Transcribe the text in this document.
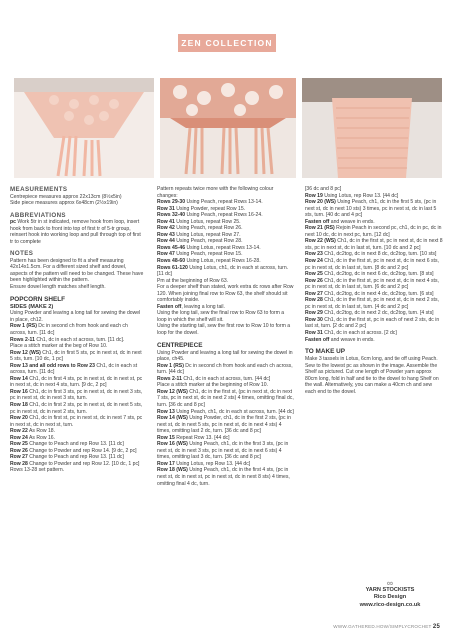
ZEN COLLECTION

MEASUREMENTS

Centrepiece measures approx 22x13cm (8½x5in)

Side piece measures approx 6x48cm (2½x19in)

ABBREVIATIONS

pc Work 5tr in st indicated, remove hook from loop, insert hook from back to front into top of first tr of 5-tr group, reinsert hook into working loop and pull through top of first tr to complete

NOTES

Pattern has been designed to fit a shelf measuring 42x14x1.5cm. For a different sized shelf and dowel, aspects of the pattern will need to be changed. These have been highlighted within the pattern.

Ensure dowel length matches shelf length.

POPCORN SHELF

SIDES (MAKE 2)

Using Powder and leaving a long tail for sewing the dowel in place, ch12.

Row 1 (RS) Dc in second ch from hook and each ch across, turn. [11 dc]

Rows 2-11 Ch1, dc in each st across, turn. [11 dc].

Place a stitch marker at the beg of Row 10.

Row 12 (WS) Ch1, dc in first 5 sts, pc in next st, dc in next 5 sts, turn. [10 dc, 1 pc]

Row 13 and all odd rows to Row 23 Ch1, dc in each st across, turn. [11 dc]

Row 14 Ch1, dc in first 4 sts, pc in next st, dc in next st, pc in next st, dc in next 4 sts, turn. [9 dc, 2 pc]

Row 16 Ch1, dc in first 3 sts, pc in next st, dc in next 3 sts, pc in next st, dc in next 3 sts, turn.

Row 18 Ch1, dc in first 2 sts, pc in next st, dc in next 5 sts, pc in next st, dc in next 2 sts, turn.

Row 20 Ch1, dc in first st, pc in next st, dc in next 7 sts, pc in next st, dc in next st, turn.

Row 22 As Row 18.

Row 24 As Row 16.

Row 25 Change to Peach and rep Row 13. [11 dc]

Row 26 Change to Powder and rep Row 14. [9 dc, 2 pc]

Row 27 Change to Peach and rep Row 13. [11 dc]

Row 28 Change to Powder and rep Row 12. [10 dc, 1 pc]

Rows 13-28 set pattern.

Pattern repeats twice more with the following colour changes:

Rows 29-30 Using Peach, repeat Rows 13-14.

Row 31 Using Powder, repeat Row 15.

Rows 32-40 Using Peach, repeat Rows 16-24.

Row 41 Using Lotus, repeat Row 25.

Row 42 Using Peach, repeat Row 26.

Row 43 Using Lotus, repeat Row 27.

Row 44 Using Peach, repeat Row 28.

Rows 45-46 Using Lotus, repeat Rows 13-14.

Row 47 Using Peach, repeat Row 15.

Rows 48-60 Using Lotus, repeat Rows 16-28.

Rows 61-120 Using Lotus, ch1, dc in each st across, turn. [11 dc]

Pm at the beginning of Row 63.

For a deeper shelf than stated, work extra dc rows after Row 120. When joining final row to Row 63, the shelf should sit comfortably inside.

Fasten off, leaving a long tail.

Using the long tail, sew the final row to Row 63 to form a loop in which the shelf will sit.

Using the starting tail, sew the first row to Row 10 to form a loop for the dowel.

CENTREPIECE

Using Powder and leaving a long tail for sewing the dowel in place, ch45.

Row 1 (RS) Dc in second ch from hook and each ch across, turn. [44 dc]

Rows 2-11 Ch1, dc in each st across, turn. [44 dc]

Place a stitch marker at the beginning of Row 10.

Row 12 (WS) Ch1, dc in the first st, (pc in next st, dc in next 7 sts, pc in next st, dc in next 2 sts) 4 times, omitting final dc, turn. [36 dc and 8 pc]

Row 13 Using Peach, ch1, dc in each st across, turn. [44 dc]

Row 14 (WS) Using Powder, ch1, dc in the first 2 sts, (pc in next st, dc in next 5 sts, pc in next st, dc in next 4 sts) 4 times, omitting last 2 dc, turn. [36 dc and 8 pc]

Row 15 Repeat Row 13. [44 dc]

Row 16 (WS) Using Peach, ch1, dc in the first 3 sts, (pc in next st, dc in next 3 sts, pc in next st, dc in next 6 sts) 4 times, omitting last 3 dc, turn. [36 dc and 8 pc]

Row 17 Using Lotus, rep Row 13. [44 dc]

Row 18 (WS) Using Peach, ch1, dc in the first 4 sts, (pc in next st, dc in next st, pc in next st, dc in next 8 sts) 4 times, omitting final 4 dc, turn.

[36 dc and 8 pc]

Row 19 Using Lotus, rep Row 13. [44 dc]

Row 20 (WS) Using Peach, ch1, dc in the first 5 sts, (pc in next st, dc in next 10 sts) 3 times, pc in next st, dc in last 5 sts, turn. [40 dc and 4 pc]

Fasten off and weave in ends.

Row 21 (RS) Rejoin Peach in second pc, ch1, dc in pc, dc in next 10 dc, dc in next pc, turn. [12 dc]

Row 22 (WS) Ch1, dc in the first st, pc in next st, dc in next 8 sts, pc in next st, dc in last st, turn. [10 dc and 2 pc]

Row 23 Ch1, dc2tog, dc in next 8 dc, dc2tog, turn. [10 sts]

Row 24 Ch1, dc in the first st, pc in next st, dc in next 6 sts, pc in next st, dc in last st, turn. [8 dc and 2 pc]

Row 25 Ch1, dc2tog, dc in next 6 dc, dc2tog, turn. [8 sts]

Row 26 Ch1, dc in the first st, pc in next st, dc in next 4 sts, pc in next st, dc in last st, turn. [6 dc and 2 pc]

Row 27 Ch1, dc2tog, dc in next 4 dc, dc2tog, turn. [6 sts]

Row 28 Ch1, dc in the first st, pc in next st, dc in next 2 sts, pc in next st, dc in last st, turn. [4 dc and 2 pc]

Row 29 Ch1, dc2tog, dc in next 2 dc, dc2tog, turn. [4 sts]

Row 30 Ch1, dc in the first st, pc in each of next 2 sts, dc in last st, turn. [2 dc and 2 pc]

Row 31 Ch1, dc in each st across. [2 dc]

Fasten off and weave in ends.

TO MAKE UP

Make 3 tassels in Lotus, 6cm long, and tie off using Peach. Sew to the lowest pc as shown in the image. Assemble the Shelf as pictured. Cut one length of Powder yarn approx 80cm long, fold in half and tie to the dowel to hang Shelf on the wall. Alternatively, you can make a 40cm ch and sew each end to the dowel.

∞
YARN STOCKISTS
Rico Design
www.rico-design.co.uk
WWW.GATHERED.HOW/SIMPLYCROCHET 25
